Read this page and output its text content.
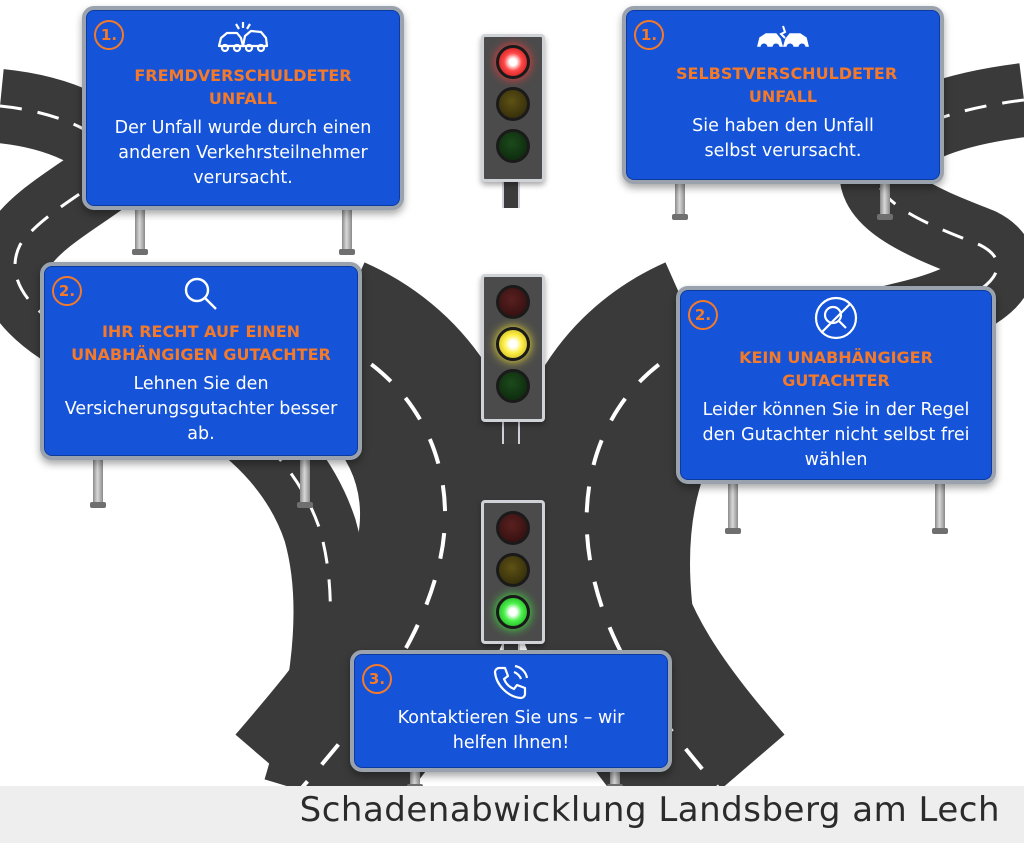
1.
FREMDVERSCHULDETER UNFALL
Der Unfall wurde durch einen anderen Verkehrsteilnehmer verursacht.
1.
SELBSTVERSCHULDETER UNFALL
Sie haben den Unfall selbst verursacht.
2.
IHR RECHT AUF EINEN UNABHÄNGIGEN GUTACHTER
Lehnen Sie den Versicherungsgutachter besser ab.
2.
KEIN UNABHÄNGIGER GUTACHTER
Leider können Sie in der Regel den Gutachter nicht selbst frei wählen
3.
Kontaktieren Sie uns – wir helfen Ihnen!
Schadenabwicklung Landsberg am Lech
